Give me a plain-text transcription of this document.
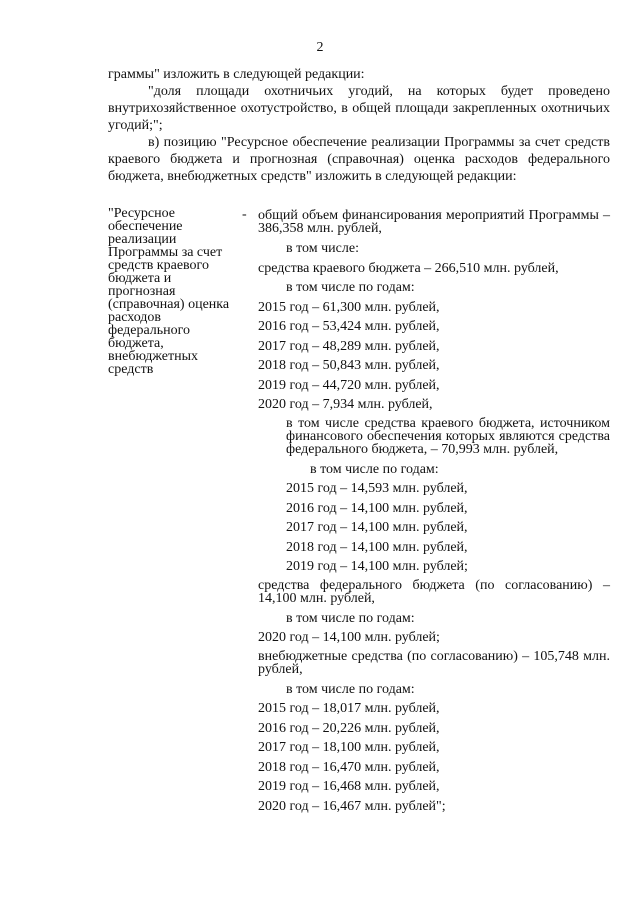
2

граммы" изложить в следующей редакции:

"доля площади охотничьих угодий, на которых будет проведено внутрихозяйственное охотустройство, в общей площади закрепленных охотничьих угодий;";

в) позицию "Ресурсное обеспечение реализации Программы за счет средств краевого бюджета и прогнозная (справочная) оценка расходов федерального бюджета, внебюджетных средств" изложить в следующей редакции:

"Ресурсное обеспечение реализации Программы за счет средств краевого бюджета и прогнозная (справочная) оценка расходов федерального бюджета, внебюджетных средств
- общий объем финансирования мероприятий Программы – 386,358 млн. рублей,
в том числе:
средства краевого бюджета – 266,510 млн. рублей,
в том числе по годам:
2015 год – 61,300 млн. рублей,
2016 год – 53,424 млн. рублей,
2017 год – 48,289 млн. рублей,
2018 год – 50,843 млн. рублей,
2019 год – 44,720 млн. рублей,
2020 год – 7,934 млн. рублей,
в том числе средства краевого бюджета, источником финансового обеспечения которых являются средства федерального бюджета, – 70,993 млн. рублей,
в том числе по годам:
2015 год – 14,593 млн. рублей,
2016 год – 14,100 млн. рублей,
2017 год – 14,100 млн. рублей,
2018 год – 14,100 млн. рублей,
2019 год – 14,100 млн. рублей;
средства федерального бюджета (по согласованию) – 14,100 млн. рублей,
в том числе по годам:
2020 год – 14,100 млн. рублей;
внебюджетные средства (по согласованию) – 105,748 млн. рублей,
в том числе по годам:
2015 год – 18,017 млн. рублей,
2016 год – 20,226 млн. рублей,
2017 год – 18,100 млн. рублей,
2018 год – 16,470 млн. рублей,
2019 год – 16,468 млн. рублей,
2020 год – 16,467 млн. рублей";
